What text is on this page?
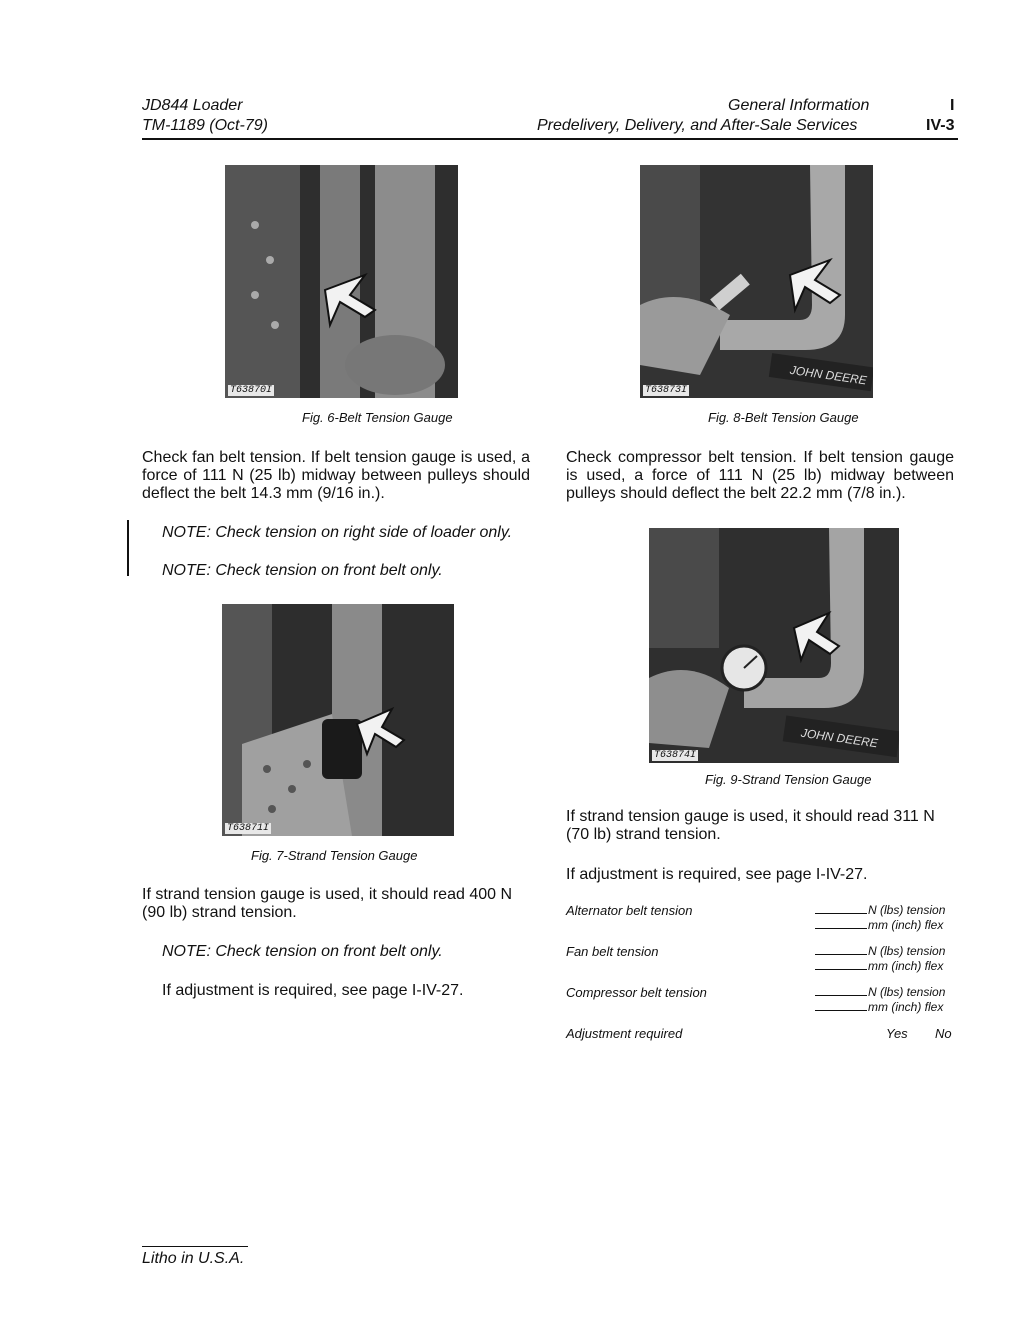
JD844 Loader
TM-1189 (Oct-79)
General Information
Predelivery, Delivery, and After-Sale Services
I
IV-3
T63870I
Fig. 6-Belt Tension Gauge
JOHN DEERE
T63873I
Fig. 8-Belt Tension Gauge
Check fan belt tension. If belt tension gauge is used, a force of 111 N (25 lb) midway between pulleys should deflect the belt 14.3 mm (9/16 in.).
NOTE: Check tension on right side of loader only.
NOTE: Check tension on front belt only.
Check compressor belt tension. If belt tension gauge is used, a force of 111 N (25 lb) midway between pulleys should deflect the belt 22.2 mm (7/8 in.).
JOHN DEERE
T63874I
Fig. 9-Strand Tension Gauge
T63871I
Fig. 7-Strand Tension Gauge
If strand tension gauge is used, it should read 311 N (70 lb) strand tension.
If adjustment is required, see page I-IV-27.
If strand tension gauge is used, it should read 400 N (90 lb) strand tension.
NOTE: Check tension on front belt only.
If adjustment is required, see page I-IV-27.
Alternator belt tension	N (lbs) tension
mm (inch) flex
Fan belt tension	N (lbs) tension
mm (inch) flex
Compressor belt tension	N (lbs) tension
mm (inch) flex
Adjustment required	Yes No
Litho in U.S.A.
